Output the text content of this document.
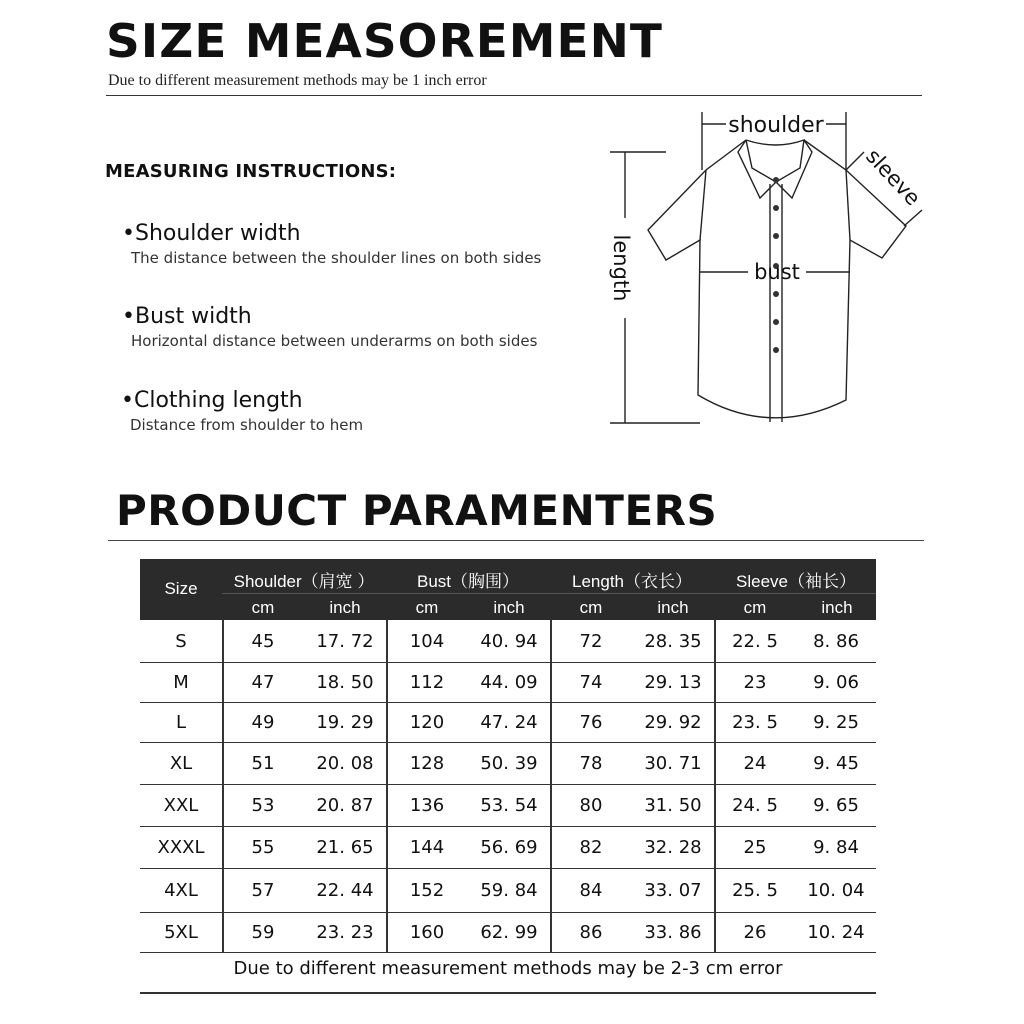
SIZE MEASOREMENT
Due to different measurement methods may be 1 inch error
MEASURING INSTRUCTIONS:
•Shoulder width
The distance between the shoulder lines on both sides
•Bust width
Horizontal distance between underarms on both sides
•Clothing length
Distance from shoulder to hem
shoulder
bust
length
sleeve
PRODUCT PARAMENTERS
Size	Shoulder（肩宽 ）	Bust（胸围）	Length（衣长）	Sleeve（袖长）
cm	inch	cm	inch	cm	inch	cm	inch
S	45	17. 72	104	40. 94	72	28. 35	22. 5	8. 86
M	47	18. 50	112	44. 09	74	29. 13	23	9. 06
L	49	19. 29	120	47. 24	76	29. 92	23. 5	9. 25
XL	51	20. 08	128	50. 39	78	30. 71	24	9. 45
XXL	53	20. 87	136	53. 54	80	31. 50	24. 5	9. 65
XXXL	55	21. 65	144	56. 69	82	32. 28	25	9. 84
4XL	57	22. 44	152	59. 84	84	33. 07	25. 5	10. 04
5XL	59	23. 23	160	62. 99	86	33. 86	26	10. 24
Due to different measurement methods may be 2-3 cm error
